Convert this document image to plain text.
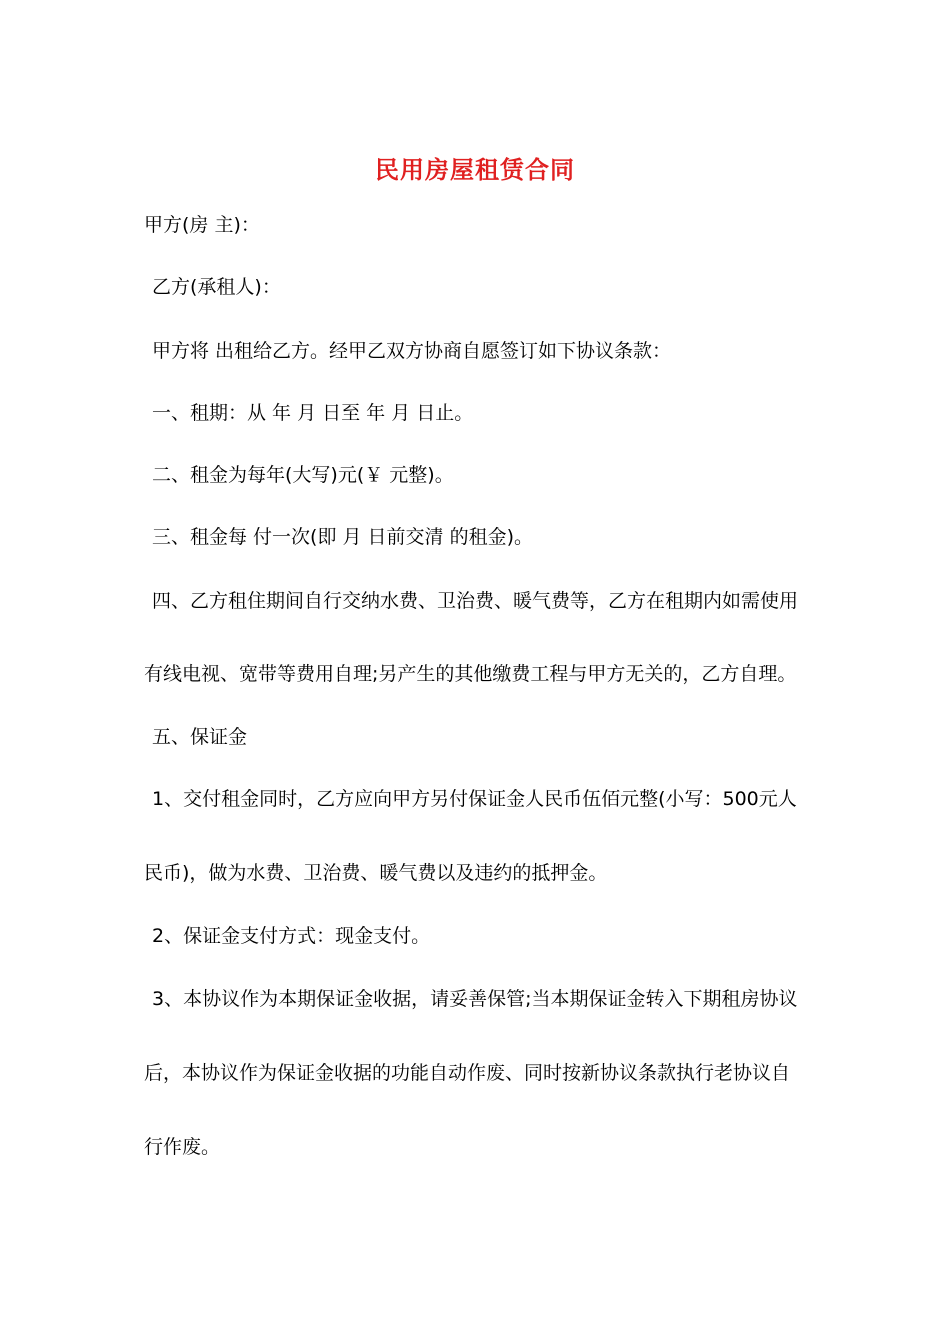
民用房屋租赁合同
甲方(房 主)：
乙方(承租人)：
甲方将 出租给乙方。经甲乙双方协商自愿签订如下协议条款：
一、租期：从 年 月 日至 年 月 日止。
二、租金为每年(大写)元(￥ 元整)。
三、租金每 付一次(即 月 日前交清 的租金)。
四、乙方租住期间自行交纳水费、卫治费、暖气费等，乙方在租期内如需使用
有线电视、宽带等费用自理;另产生的其他缴费工程与甲方无关的，乙方自理。
五、保证金
1、交付租金同时，乙方应向甲方另付保证金人民币伍佰元整(小写：500元人
民币)，做为水费、卫治费、暖气费以及违约的抵押金。
2、保证金支付方式：现金支付。
3、本协议作为本期保证金收据，请妥善保管;当本期保证金转入下期租房协议
后，本协议作为保证金收据的功能自动作废、同时按新协议条款执行老协议自
行作废。
